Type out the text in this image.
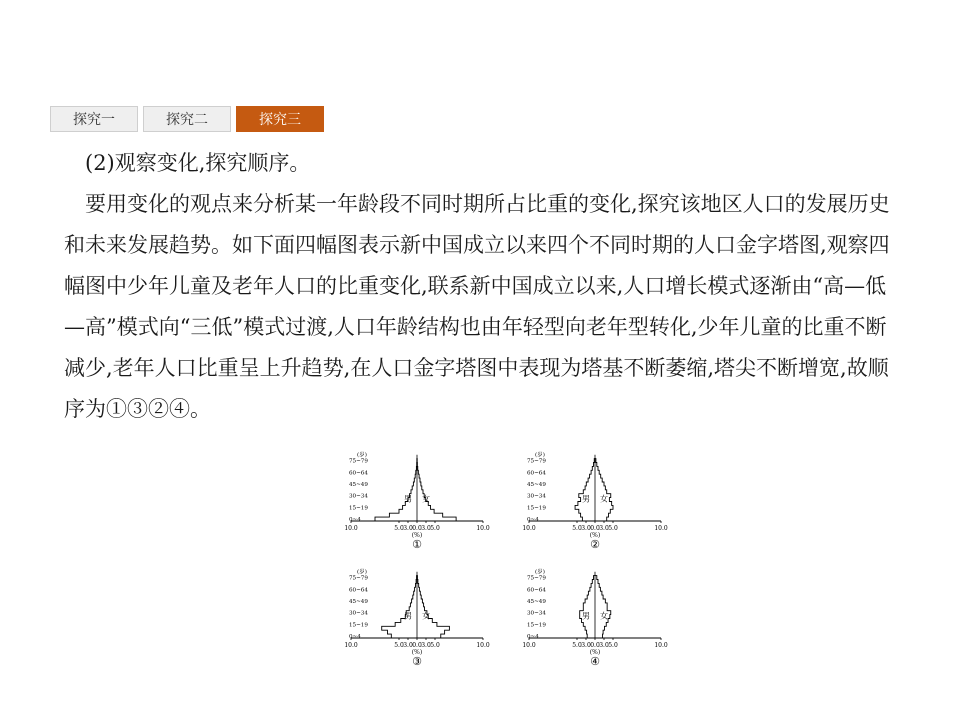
探究一	探究二	探究三

(2)观察变化,探究顺序。

要用变化的观点来分析某一年龄段不同时期所占比重的变化,探究该地区人口的发展历史和未来发展趋势。如下面四幅图表示新中国成立以来四个不同时期的人口金字塔图,观察四幅图中少年儿童及老年人口的比重变化,联系新中国成立以来,人口增长模式逐渐由“高—低—高”模式向“三低”模式过渡,人口年龄结构也由年轻型向老年型转化,少年儿童的比重不断减少,老年人口比重呈上升趋势,在人口金字塔图中表现为塔基不断萎缩,塔尖不断增宽,故顺序为①③②④。

10.0	5.0 3.0 0.0 3.0 5.0	10.0
(%)
①
75~79
60~64
45~49
30~34
15~19
0~4
(岁)
男 女
10.0	5.0 3.0 0.0 3.0 5.0	10.0
(%)
②
75~79
60~64
45~49
30~34
15~19
0~4
(岁)
男 女
10.0	5.0 3.0 0.0 3.0 5.0	10.0
(%)
③
75~79
60~64
45~49
30~34
15~19
0~4
(岁)
男 女
10.0	5.0 3.0 0.0 3.0 5.0	10.0
(%)
④
75~79
60~64
45~49
30~34
15~19
0~4
(岁)
男 女
